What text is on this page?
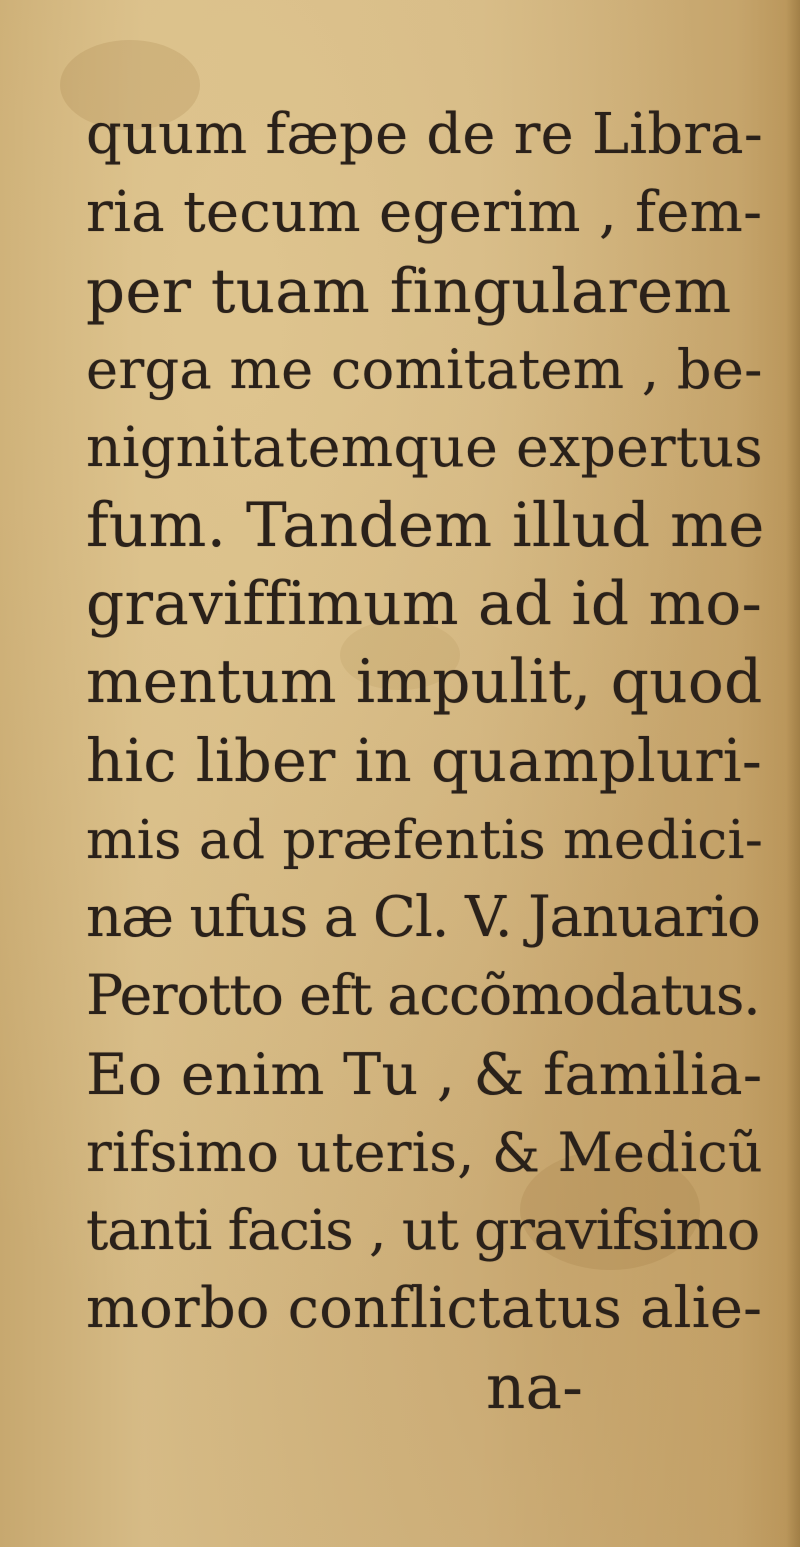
quum fæpe de re Libra-
ria tecum egerim , fem-
per tuam fingularem
erga me comitatem , be-
nignitatemque expertus
fum. Tandem illud me
graviffimum ad id mo-
mentum impulit, quod
hic liber in quampluri-
mis ad præfentis medici-
næ ufus a Cl. V. Januario
Perotto eft accõmodatus.
Eo enim Tu , & familia-
rifsimo uteris, & Medicũ
tanti facis , ut gravifsimo
morbo conflictatus alie-
na-
